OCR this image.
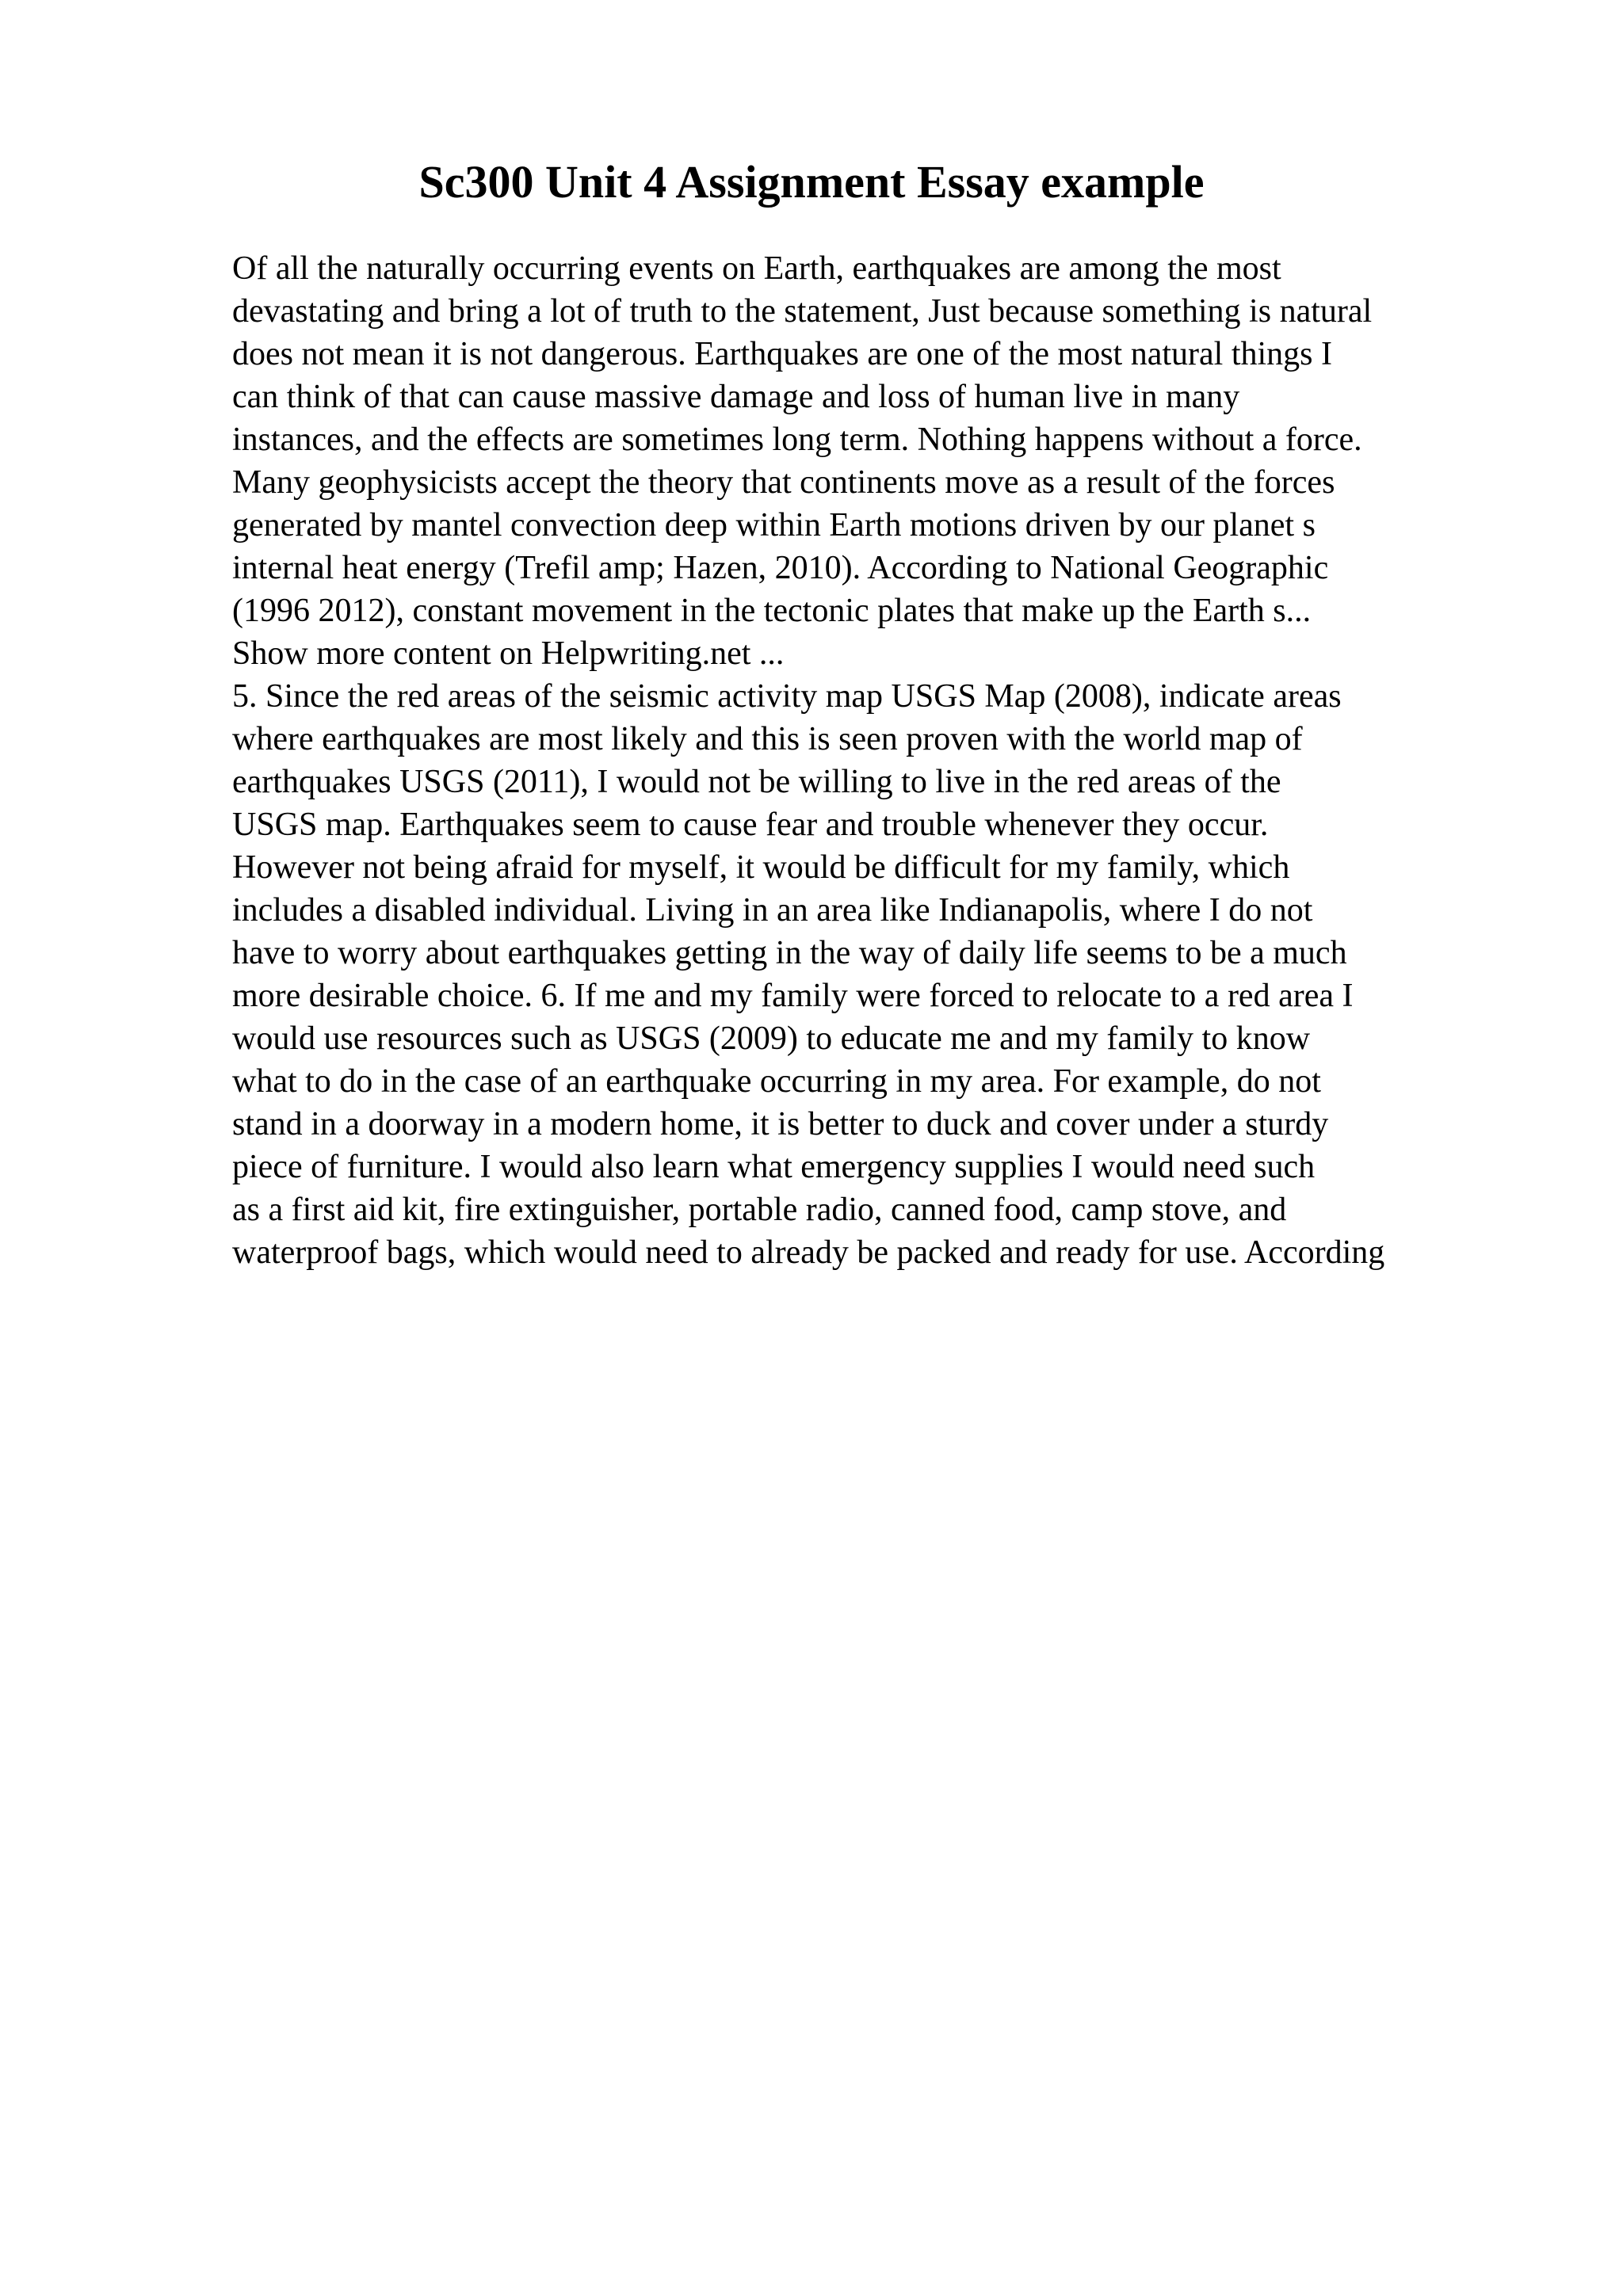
Sc300 Unit 4 Assignment Essay example
Of all the naturally occurring events on Earth, earthquakes are among the most
devastating and bring a lot of truth to the statement, Just because something is natural
does not mean it is not dangerous. Earthquakes are one of the most natural things I
can think of that can cause massive damage and loss of human live in many
instances, and the effects are sometimes long term. Nothing happens without a force.
Many geophysicists accept the theory that continents move as a result of the forces
generated by mantel convection deep within Earth motions driven by our planet s
internal heat energy (Trefil amp; Hazen, 2010). According to National Geographic
(1996 2012), constant movement in the tectonic plates that make up the Earth s...
Show more content on Helpwriting.net ...
5. Since the red areas of the seismic activity map USGS Map (2008), indicate areas
where earthquakes are most likely and this is seen proven with the world map of
earthquakes USGS (2011), I would not be willing to live in the red areas of the
USGS map. Earthquakes seem to cause fear and trouble whenever they occur.
However not being afraid for myself, it would be difficult for my family, which
includes a disabled individual. Living in an area like Indianapolis, where I do not
have to worry about earthquakes getting in the way of daily life seems to be a much
more desirable choice. 6. If me and my family were forced to relocate to a red area I
would use resources such as USGS (2009) to educate me and my family to know
what to do in the case of an earthquake occurring in my area. For example, do not
stand in a doorway in a modern home, it is better to duck and cover under a sturdy
piece of furniture. I would also learn what emergency supplies I would need such
as a first aid kit, fire extinguisher, portable radio, canned food, camp stove, and
waterproof bags, which would need to already be packed and ready for use. According
